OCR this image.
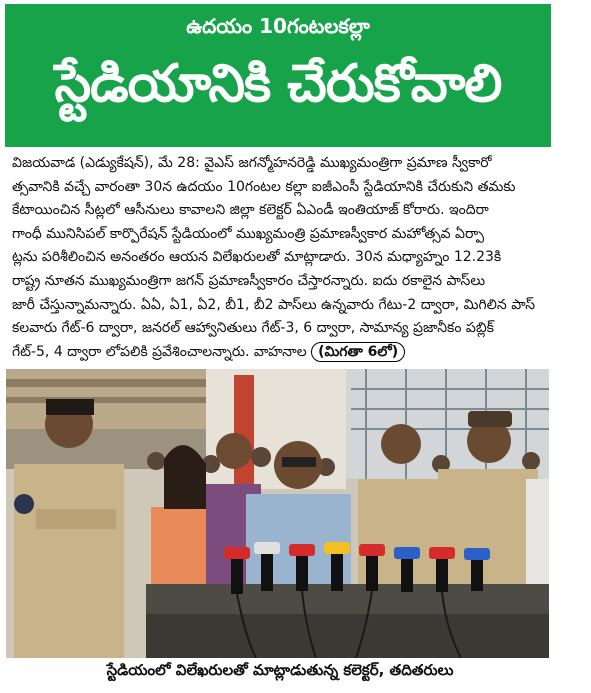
ఉదయం 10గంటలకల్లా
స్టేడియానికి చేరుకోవాలి
విజయవాడ (ఎడ్యుకేషన్), మే 28: వైఎస్ జగన్మోహనరెడ్డి ముఖ్యమంత్రిగా ప్రమాణ స్వీకారో
త్సవానికి వచ్చే వారంతా 30న ఉదయం 10గంటల కల్లా ఐజీఎంసీ స్టేడియానికి చేరుకుని తమకు
కేటాయించిన సీట్లలో ఆసీనులు కావాలని జిల్లా కలెక్టర్ ఏఎండీ ఇంతియాజ్ కోరారు. ఇందిరా
గాంధీ మునిసిపల్ కార్పొరేషన్ స్టేడియంలో ముఖ్యమంత్రి ప్రమాణస్వీకార మహోత్సవ ఏర్పా
ట్లను పరిశీలించిన అనంతరం ఆయన విలేఖరులతో మాట్లాడారు. 30న మధ్యాహ్నం 12.23కి
రాష్ట్ర నూతన ముఖ్యమంత్రిగా జగన్ ప్రమాణస్వీకారం చేస్తారన్నారు. ఐదు రకాలైన పాస్‌లు
జారీ చేస్తున్నామన్నారు. ఏఏ, ఏ1, ఏ2, బీ1, బీ2 పాస్‌లు ఉన్నవారు గేటు-2 ద్వారా, మిగిలిన పాస్
కలవారు గేట్-6 ద్వారా, జనరల్ ఆహ్వానితులు గేట్-3, 6 ద్వారా, సామాన్య ప్రజానీకం పబ్లిక్
గేట్-5, 4 ద్వారా లోపలికి ప్రవేశించాలన్నారు. వాహనాల (మిగతా 6లో)
స్టేడియంలో విలేఖరులతో మాట్లాడుతున్న కలెక్టర్, తదితరులు
